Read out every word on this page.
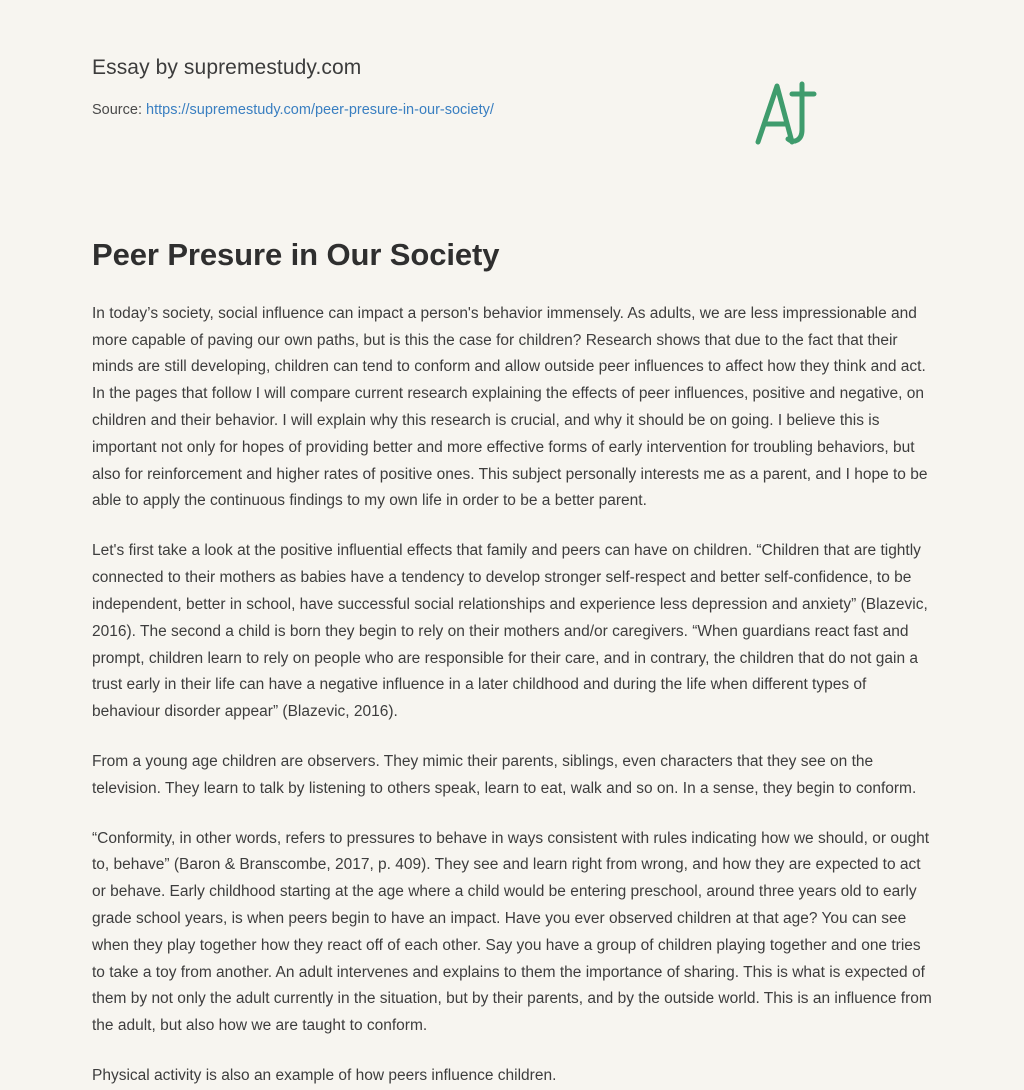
Essay by supremestudy.com
Source: https://supremestudy.com/peer-presure-in-our-society/
Peer Presure in Our Society

In today’s society, social influence can impact a person's behavior immensely. As adults, we are less impressionable and more capable of paving our own paths, but is this the case for children? Research shows that due to the fact that their minds are still developing, children can tend to conform and allow outside peer influences to affect how they think and act. In the pages that follow I will compare current research explaining the effects of peer influences, positive and negative, on children and their behavior. I will explain why this research is crucial, and why it should be on going. I believe this is important not only for hopes of providing better and more effective forms of early intervention for troubling behaviors, but also for reinforcement and higher rates of positive ones. This subject personally interests me as a parent, and I hope to be able to apply the continuous findings to my own life in order to be a better parent.

Let's first take a look at the positive influential effects that family and peers can have on children. “Children that are tightly connected to their mothers as babies have a tendency to develop stronger self-respect and better self-confidence, to be independent, better in school, have successful social relationships and experience less depression and anxiety” (Blazevic, 2016). The second a child is born they begin to rely on their mothers and/or caregivers. “When guardians react fast and prompt, children learn to rely on people who are responsible for their care, and in contrary, the children that do not gain a trust early in their life can have a negative influence in a later childhood and during the life when different types of behaviour disorder appear” (Blazevic, 2016).

From a young age children are observers. They mimic their parents, siblings, even characters that they see on the television. They learn to talk by listening to others speak, learn to eat, walk and so on. In a sense, they begin to conform.

“Conformity, in other words, refers to pressures to behave in ways consistent with rules indicating how we should, or ought to, behave” (Baron & Branscombe, 2017, p. 409). They see and learn right from wrong, and how they are expected to act or behave. Early childhood starting at the age where a child would be entering preschool, around three years old to early grade school years, is when peers begin to have an impact. Have you ever observed children at that age? You can see when they play together how they react off of each other. Say you have a group of children playing together and one tries to take a toy from another. An adult intervenes and explains to them the importance of sharing. This is what is expected of them by not only the adult currently in the situation, but by their parents, and by the outside world. This is an influence from the adult, but also how we are taught to conform.

Physical activity is also an example of how peers influence children.
